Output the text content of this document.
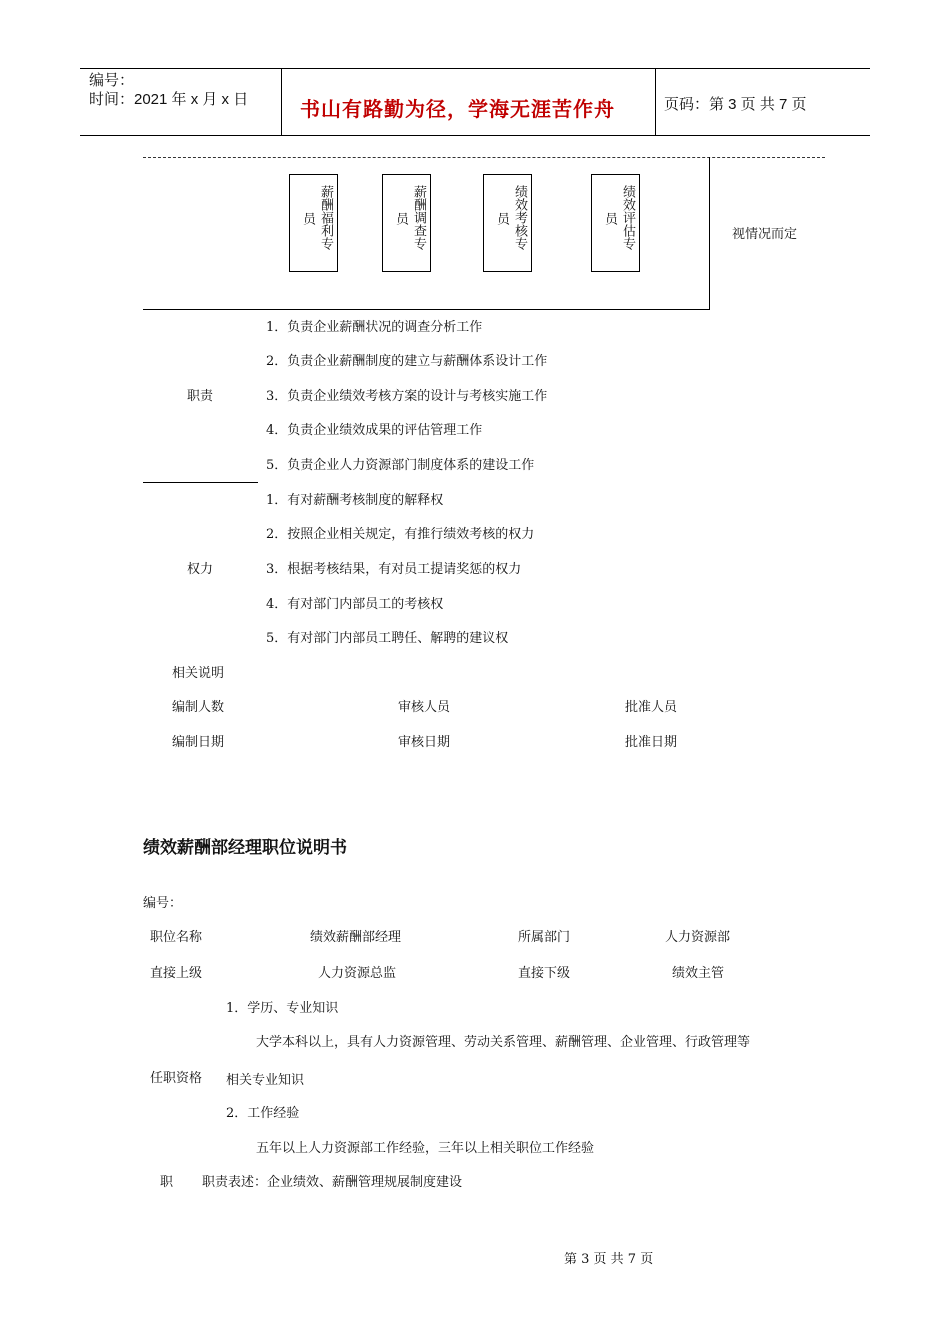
编号：
时间：2021 年 x 月 x 日	书山有路勤为径，学海无涯苦作舟	页码：第 3 页 共 7 页
薪酬福利专
员	薪酬调查专
员	绩效考核专
员	绩效评估专
员
视情况而定
职责
1．负责企业薪酬状况的调查分析工作
2．负责企业薪酬制度的建立与薪酬体系设计工作
3．负责企业绩效考核方案的设计与考核实施工作
4．负责企业绩效成果的评估管理工作
5．负责企业人力资源部门制度体系的建设工作
权力
1．有对薪酬考核制度的解释权
2．按照企业相关规定，有推行绩效考核的权力
3．根据考核结果，有对员工提请奖惩的权力
4．有对部门内部员工的考核权
5．有对部门内部员工聘任、解聘的建议权
相关说明
编制人数	审核人员	批准人员
编制日期	审核日期	批准日期
绩效薪酬部经理职位说明书
编号：
职位名称	绩效薪酬部经理	所属部门	人力资源部
直接上级	人力资源总监	直接下级	绩效主管
1．学历、专业知识
大学本科以上，具有人力资源管理、劳动关系管理、薪酬管理、企业管理、行政管理等
任职资格 相关专业知识
2．工作经验
五年以上人力资源部工作经验，三年以上相关职位工作经验
职 职责表述：企业绩效、薪酬管理规展制度建设
第 3 页 共 7 页
